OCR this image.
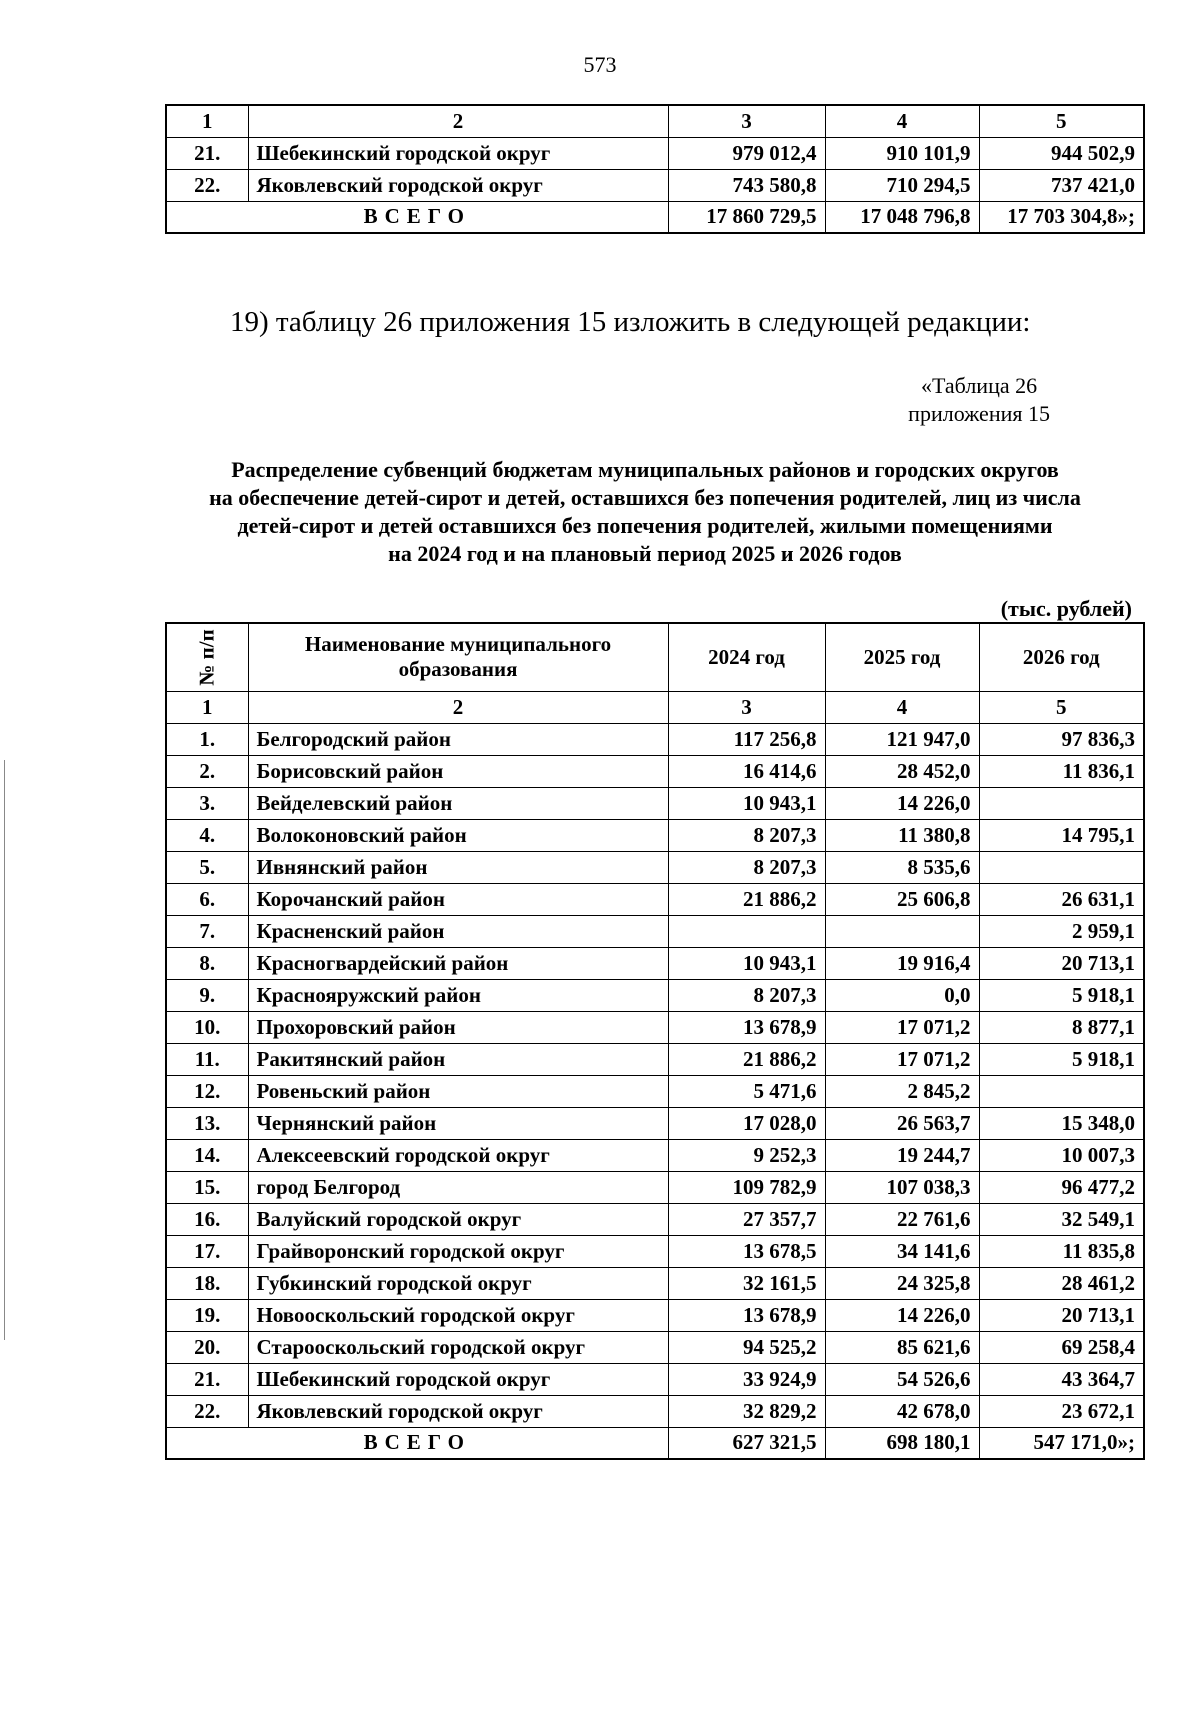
573
1	2	3	4	5
21.	Шебекинский городской округ	979 012,4	910 101,9	944 502,9
22.	Яковлевский городской округ	743 580,8	710 294,5	737 421,0
ВСЕГО		17 860 729,5	17 048 796,8	17 703 304,8»;
19) таблицу 26 приложения 15 изложить в следующей редакции:
«Таблица 26
приложения 15
Распределение субвенций бюджетам муниципальных районов и городских округов
на обеспечение детей-сирот и детей, оставшихся без попечения родителей, лиц из числа
детей-сирот и детей оставшихся без попечения родителей, жилыми помещениями
на 2024 год и на плановый период 2025 и 2026 годов
(тыс. рублей)
№ п/п	Наименование муниципального образования	2024 год	2025 год	2026 год
1	2	3	4	5
1.	Белгородский район	117 256,8	121 947,0	97 836,3
2.	Борисовский район	16 414,6	28 452,0	11 836,1
3.	Вейделевский район	10 943,1	14 226,0	
4.	Волоконовский район	8 207,3	11 380,8	14 795,1
5.	Ивнянский район	8 207,3	8 535,6	
6.	Корочанский район	21 886,2	25 606,8	26 631,1
7.	Красненский район			2 959,1
8.	Красногвардейский район	10 943,1	19 916,4	20 713,1
9.	Краснояружский район	8 207,3	0,0	5 918,1
10.	Прохоровский район	13 678,9	17 071,2	8 877,1
11.	Ракитянский район	21 886,2	17 071,2	5 918,1
12.	Ровеньский район	5 471,6	2 845,2	
13.	Чернянский район	17 028,0	26 563,7	15 348,0
14.	Алексеевский городской округ	9 252,3	19 244,7	10 007,3
15.	город Белгород	109 782,9	107 038,3	96 477,2
16.	Валуйский городской округ	27 357,7	22 761,6	32 549,1
17.	Грайворонский городской округ	13 678,5	34 141,6	11 835,8
18.	Губкинский городской округ	32 161,5	24 325,8	28 461,2
19.	Новооскольский городской округ	13 678,9	14 226,0	20 713,1
20.	Старооскольский городской округ	94 525,2	85 621,6	69 258,4
21.	Шебекинский городской округ	33 924,9	54 526,6	43 364,7
22.	Яковлевский городской округ	32 829,2	42 678,0	23 672,1
ВСЕГО		627 321,5	698 180,1	547 171,0»;
